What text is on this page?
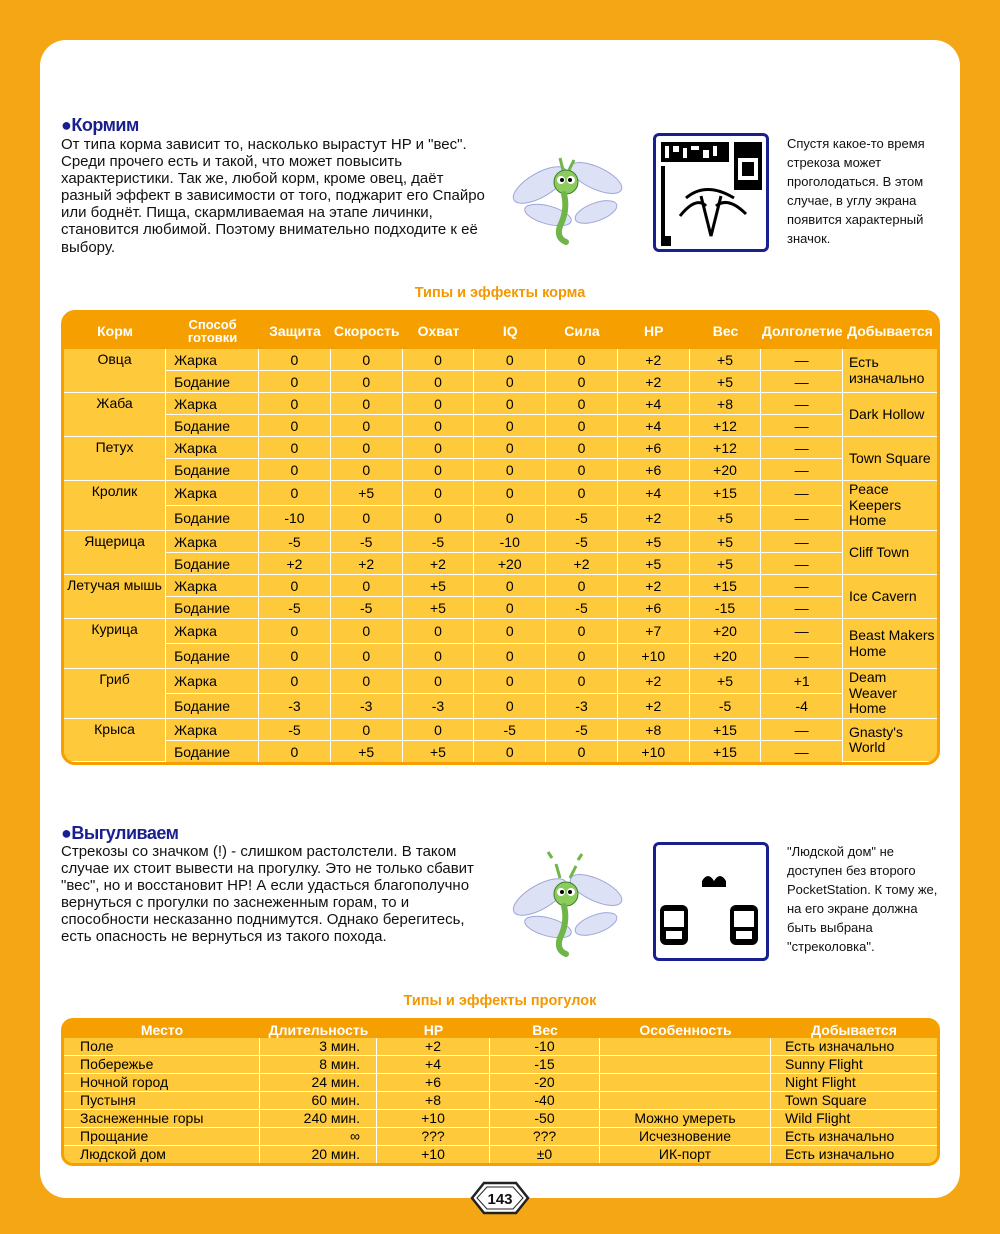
●Кормим
От типа корма зависит то, насколько вырастут HP и "вес". Среди прочего есть и такой, что может повысить характеристики. Так же, любой корм, кроме овец, даёт разный эффект в зависимости от того, поджарит его Спайро или боднёт. Пища, скармливаемая на этапе личинки, становится любимой. Поэтому внимательно подходите к её выбору.
Спустя какое-то время стрекоза может проголодаться. В этом случае, в углу экрана появится характерный значок.
Типы и эффекты корма
Корм	Способ готовки	Защита	Скорость	Охват	IQ	Сила	HP	Вес	Долголетие	Добывается
Овца	Жарка	0	0	0	0	0	+2	+5	—	Есть изначально
	Бодание	0	0	0	0	0	+2	+5	—	
Жаба	Жарка	0	0	0	0	0	+4	+8	—	Dark Hollow
	Бодание	0	0	0	0	0	+4	+12	—	
Петух	Жарка	0	0	0	0	0	+6	+12	—	Town Square
	Бодание	0	0	0	0	0	+6	+20	—	
Кролик	Жарка	0	+5	0	0	0	+4	+15	—	Peace Keepers Home
	Бодание	-10	0	0	0	-5	+2	+5	—	
Ящерица	Жарка	-5	-5	-5	-10	-5	+5	+5	—	Cliff Town
	Бодание	+2	+2	+2	+20	+2	+5	+5	—	
Летучая мышь	Жарка	0	0	+5	0	0	+2	+15	—	Ice Cavern
	Бодание	-5	-5	+5	0	-5	+6	-15	—	
Курица	Жарка	0	0	0	0	0	+7	+20	—	Beast Makers Home
	Бодание	0	0	0	0	0	+10	+20	—	
Гриб	Жарка	0	0	0	0	0	+2	+5	+1	Deam Weaver Home
	Бодание	-3	-3	-3	0	-3	+2	-5	-4	
Крыса	Жарка	-5	0	0	-5	-5	+8	+15	—	Gnasty's World
	Бодание	0	+5	+5	0	0	+10	+15	—	
●Выгуливаем
Стрекозы со значком (!) - слишком растолстели. В таком случае их стоит вывести на прогулку. Это не только сбавит "вес", но и восстановит HP! А если удасться благополучно вернуться с прогулки по заснеженным горам, то и способности несказанно поднимутся. Однако берегитесь, есть опасность не вернуться из такого похода.
"Людской дом" не доступен без второго PocketStation. К тому же, на его экране должна быть выбрана "стреколовка".
Типы и эффекты прогулок
Место	Длительность	HP	Вес	Особенность	Добывается
Поле	3 мин.	+2	-10		Есть изначально
Побережье	8 мин.	+4	-15		Sunny Flight
Ночной город	24 мин.	+6	-20		Night Flight
Пустыня	60 мин.	+8	-40		Town Square
Заснеженные горы	240 мин.	+10	-50	Можно умереть	Wild Flight
Прощание	∞	???	???	Исчезновение	Есть изначально
Людской дом	20 мин.	+10	±0	ИК-порт	Есть изначально
143
